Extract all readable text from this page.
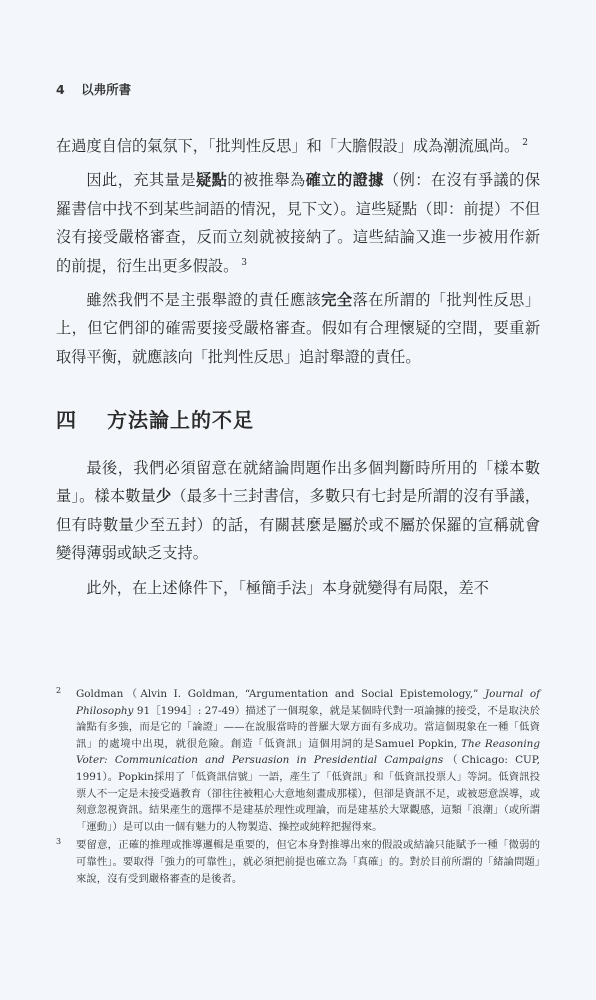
4 以弗所書

在過度自信的氣氛下，「批判性反思」和「大膽假設」成為潮流風尚。 $^2$

因此，充其量是疑點的被推舉為確立的證據（例：在沒有爭議的保羅書信中找不到某些詞語的情況，見下文）。這些疑點（即：前提）不但沒有接受嚴格審查，反而立刻就被接納了。這些結論又進一步被用作新的前提，衍生出更多假設。 $^3$

雖然我們不是主張舉證的責任應該完全落在所謂的「批判性反思」上，但它們卻的確需要接受嚴格審查。假如有合理懷疑的空間，要重新取得平衡，就應該向「批判性反思」追討舉證的責任。

四 方法論上的不足

最後，我們必須留意在就緒論問題作出多個判斷時所用的「樣本數量」。樣本數量少（最多十三封書信，多數只有七封是所謂的沒有爭議，但有時數量少至五封）的話，有關甚麼是屬於或不屬於保羅的宣稱就會變得薄弱或缺乏支持。

此外，在上述條件下，「極簡手法」本身就變得有局限，差不

2 Goldman（Alvin I. Goldman, “Argumentation and Social Epistemology,” Journal of Philosophy 91［1994］: 27-49）描述了一個現象，就是某個時代對一項論據的接受，不是取決於論點有多強，而是它的「論證」——在說服當時的普羅大眾方面有多成功。當這個現象在一種「低資訊」的處境中出現，就很危險。創造「低資訊」這個用詞的是Samuel Popkin, The Reasoning Voter: Communication and Persuasion in Presidential Campaigns（Chicago: CUP, 1991）。Popkin採用了「低資訊信號」一語，產生了「低資訊」和「低資訊投票人」等詞。低資訊投票人不一定是未接受過教育（卻往往被粗心大意地刻畫成那樣），但卻是資訊不足，或被惡意誤導，或刻意忽視資訊。結果產生的選擇不是建基於理性或理論，而是建基於大眾觀感，這類「浪潮」（或所謂「運動」）是可以由一個有魅力的人物製造、操控或純粹把握得來。
3 要留意，正確的推理或推導邏輯是重要的，但它本身對推導出來的假設或結論只能賦予一種「微弱的可靠性」。要取得「強力的可靠性」，就必須把前提也確立為「真確」的。對於目前所謂的「緒論問題」來說，沒有受到嚴格審查的是後者。
